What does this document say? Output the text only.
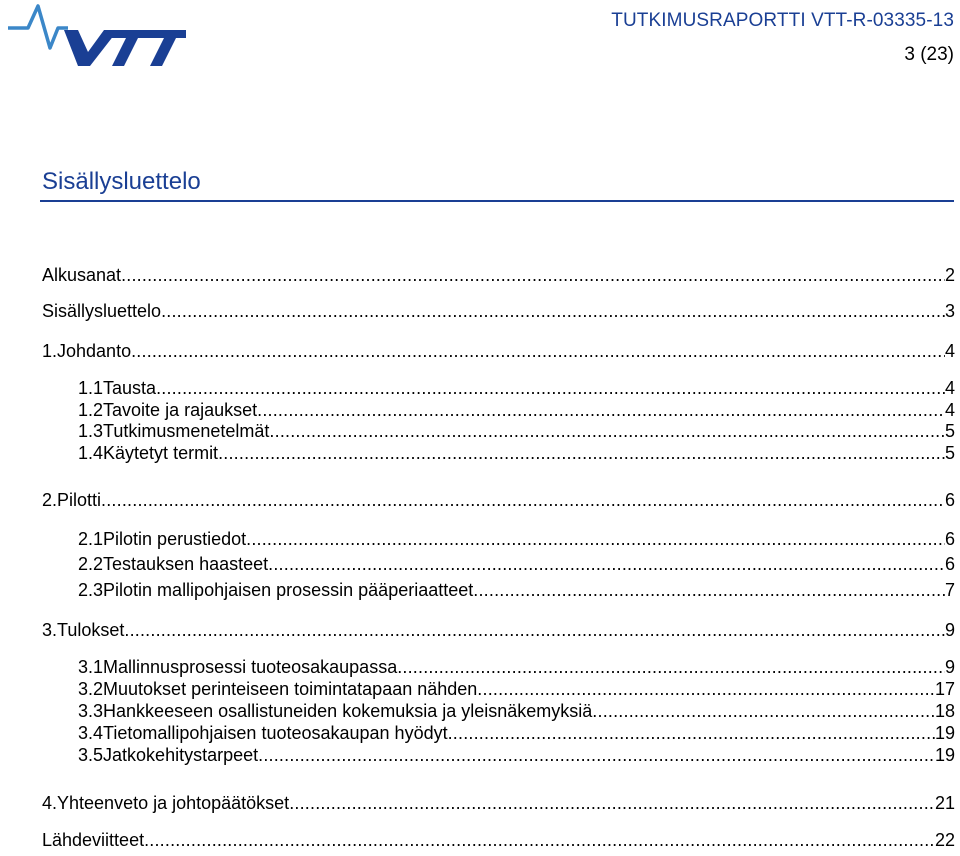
TUTKIMUSRAPORTTI VTT-R-03335-13
3 (23)
Sisällysluettelo
Alkusanat .....	2
Sisällysluettelo .....	3
1. Johdanto .....	4
1.1 Tausta .....	4
1.2 Tavoite ja rajaukset .....	4
1.3 Tutkimusmenetelmät .....	5
1.4 Käytetyt termit .....	5
2. Pilotti .....	6
2.1 Pilotin perustiedot .....	6
2.2 Testauksen haasteet .....	6
2.3 Pilotin mallipohjaisen prosessin pääperiaatteet .....	7
3. Tulokset .....	9
3.1 Mallinnusprosessi tuoteosakaupassa .....	9
3.2 Muutokset perinteiseen toimintatapaan nähden .....	17
3.3 Hankkeeseen osallistuneiden kokemuksia ja yleisnäkemyksiä .....	18
3.4 Tietomallipohjaisen tuoteosakaupan hyödyt .....	19
3.5 Jatkokehitystarpeet .....	19
4. Yhteenveto ja johtopäätökset .....	21
Lähdeviitteet .....	22
